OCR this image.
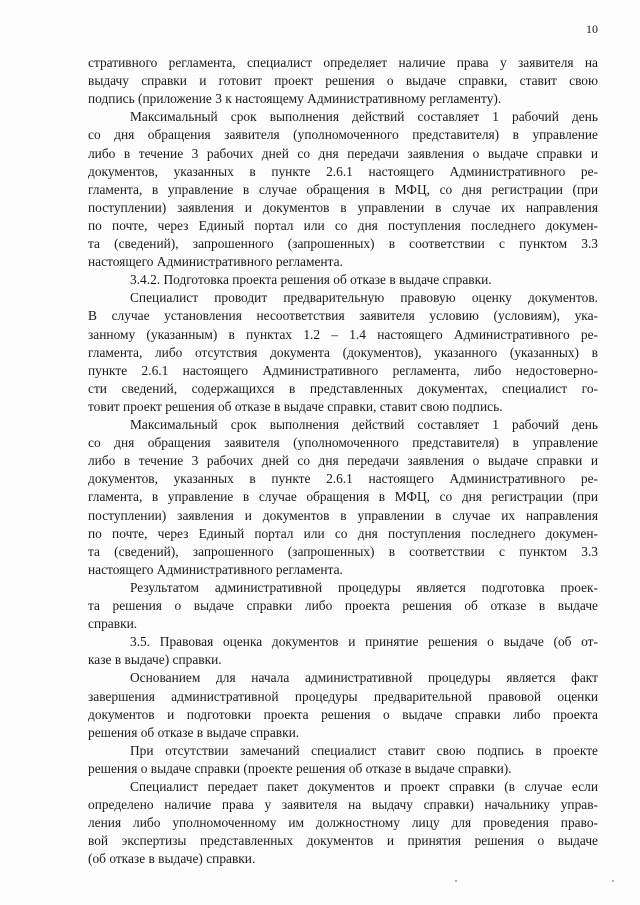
10
стративного регламента, специалист определяет наличие права у заявителя на
выдачу справки и готовит проект решения о выдаче справки, ставит свою
подпись (приложение 3 к настоящему Административному регламенту).
Максимальный срок выполнения действий составляет 1 рабочий день
со дня обращения заявителя (уполномоченного представителя) в управление
либо в течение 3 рабочих дней со дня передачи заявления о выдаче справки и
документов, указанных в пункте 2.6.1 настоящего Административного ре-
гламента, в управление в случае обращения в МФЦ, со дня регистрации (при
поступлении) заявления и документов в управлении в случае их направления
по почте, через Единый портал или со дня поступления последнего докумен-
та (сведений), запрошенного (запрошенных) в соответствии с пунктом 3.3
настоящего Административного регламента.
3.4.2. Подготовка проекта решения об отказе в выдаче справки.
Специалист проводит предварительную правовую оценку документов.
В случае установления несоответствия заявителя условию (условиям), ука-
занному (указанным) в пунктах 1.2 – 1.4 настоящего Административного ре-
гламента, либо отсутствия документа (документов), указанного (указанных) в
пункте 2.6.1 настоящего Административного регламента, либо недостоверно-
сти сведений, содержащихся в представленных документах, специалист го-
товит проект решения об отказе в выдаче справки, ставит свою подпись.
Максимальный срок выполнения действий составляет 1 рабочий день
со дня обращения заявителя (уполномоченного представителя) в управление
либо в течение 3 рабочих дней со дня передачи заявления о выдаче справки и
документов, указанных в пункте 2.6.1 настоящего Административного ре-
гламента, в управление в случае обращения в МФЦ, со дня регистрации (при
поступлении) заявления и документов в управлении в случае их направления
по почте, через Единый портал или со дня поступления последнего докумен-
та (сведений), запрошенного (запрошенных) в соответствии с пунктом 3.3
настоящего Административного регламента.
Результатом административной процедуры является подготовка проек-
та решения о выдаче справки либо проекта решения об отказе в выдаче
справки.
3.5. Правовая оценка документов и принятие решения о выдаче (об от-
казе в выдаче) справки.
Основанием для начала административной процедуры является факт
завершения административной процедуры предварительной правовой оценки
документов и подготовки проекта решения о выдаче справки либо проекта
решения об отказе в выдаче справки.
При отсутствии замечаний специалист ставит свою подпись в проекте
решения о выдаче справки (проекте решения об отказе в выдаче справки).
Специалист передает пакет документов и проект справки (в случае если
определено наличие права у заявителя на выдачу справки) начальнику управ-
ления либо уполномоченному им должностному лицу для проведения право-
вой экспертизы представленных документов и принятия решения о выдаче
(об отказе в выдаче) справки.
